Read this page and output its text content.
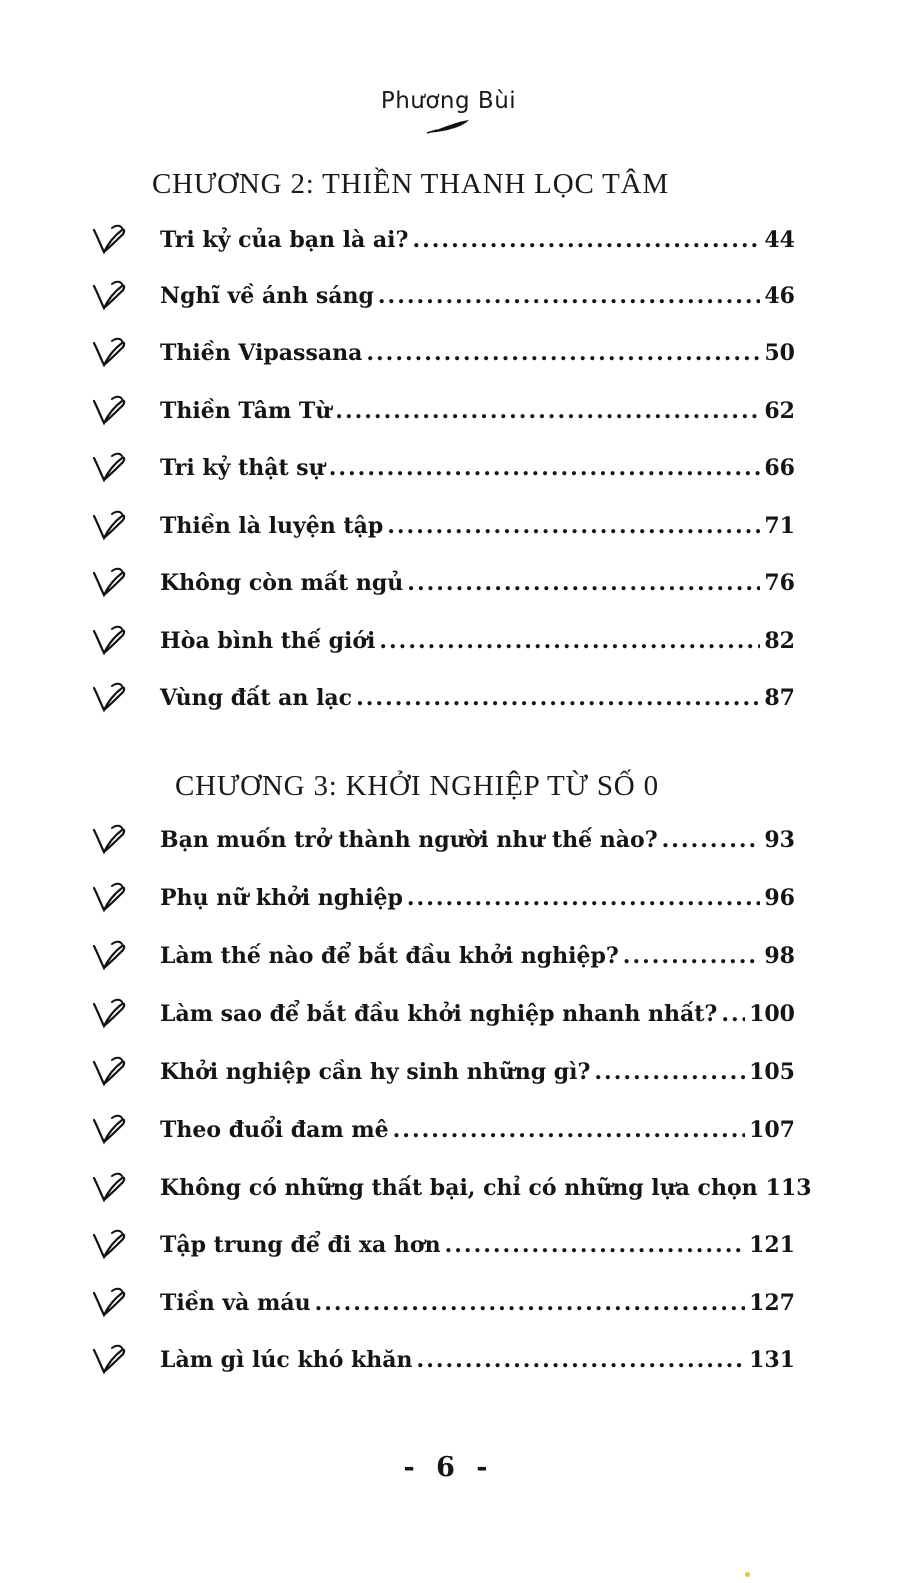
Phương Bùi
CHƯƠNG 2: THIỀN THANH LỌC TÂM
Tri kỷ của bạn là ai? .....	44
Nghĩ về ánh sáng .....	46
Thiền Vipassana .....	50
Thiền Tâm Từ .....	62
Tri kỷ thật sự .....	66
Thiền là luyện tập .....	71
Không còn mất ngủ .....	76
Hòa bình thế giới .....	82
Vùng đất an lạc .....	87
CHƯƠNG 3: KHỞI NGHIỆP TỪ SỐ 0
Bạn muốn trở thành người như thế nào? .....	93
Phụ nữ khởi nghiệp .....	96
Làm thế nào để bắt đầu khởi nghiệp? .....	98
Làm sao để bắt đầu khởi nghiệp nhanh nhất? ..... 100
Khởi nghiệp cần hy sinh những gì? .....	105
Theo đuổi đam mê .....	107
Không có những thất bại, chỉ có những lựa chọn 113
Tập trung để đi xa hơn .....	121
Tiền và máu .....	127
Làm gì lúc khó khăn .....	131
- 6 -
